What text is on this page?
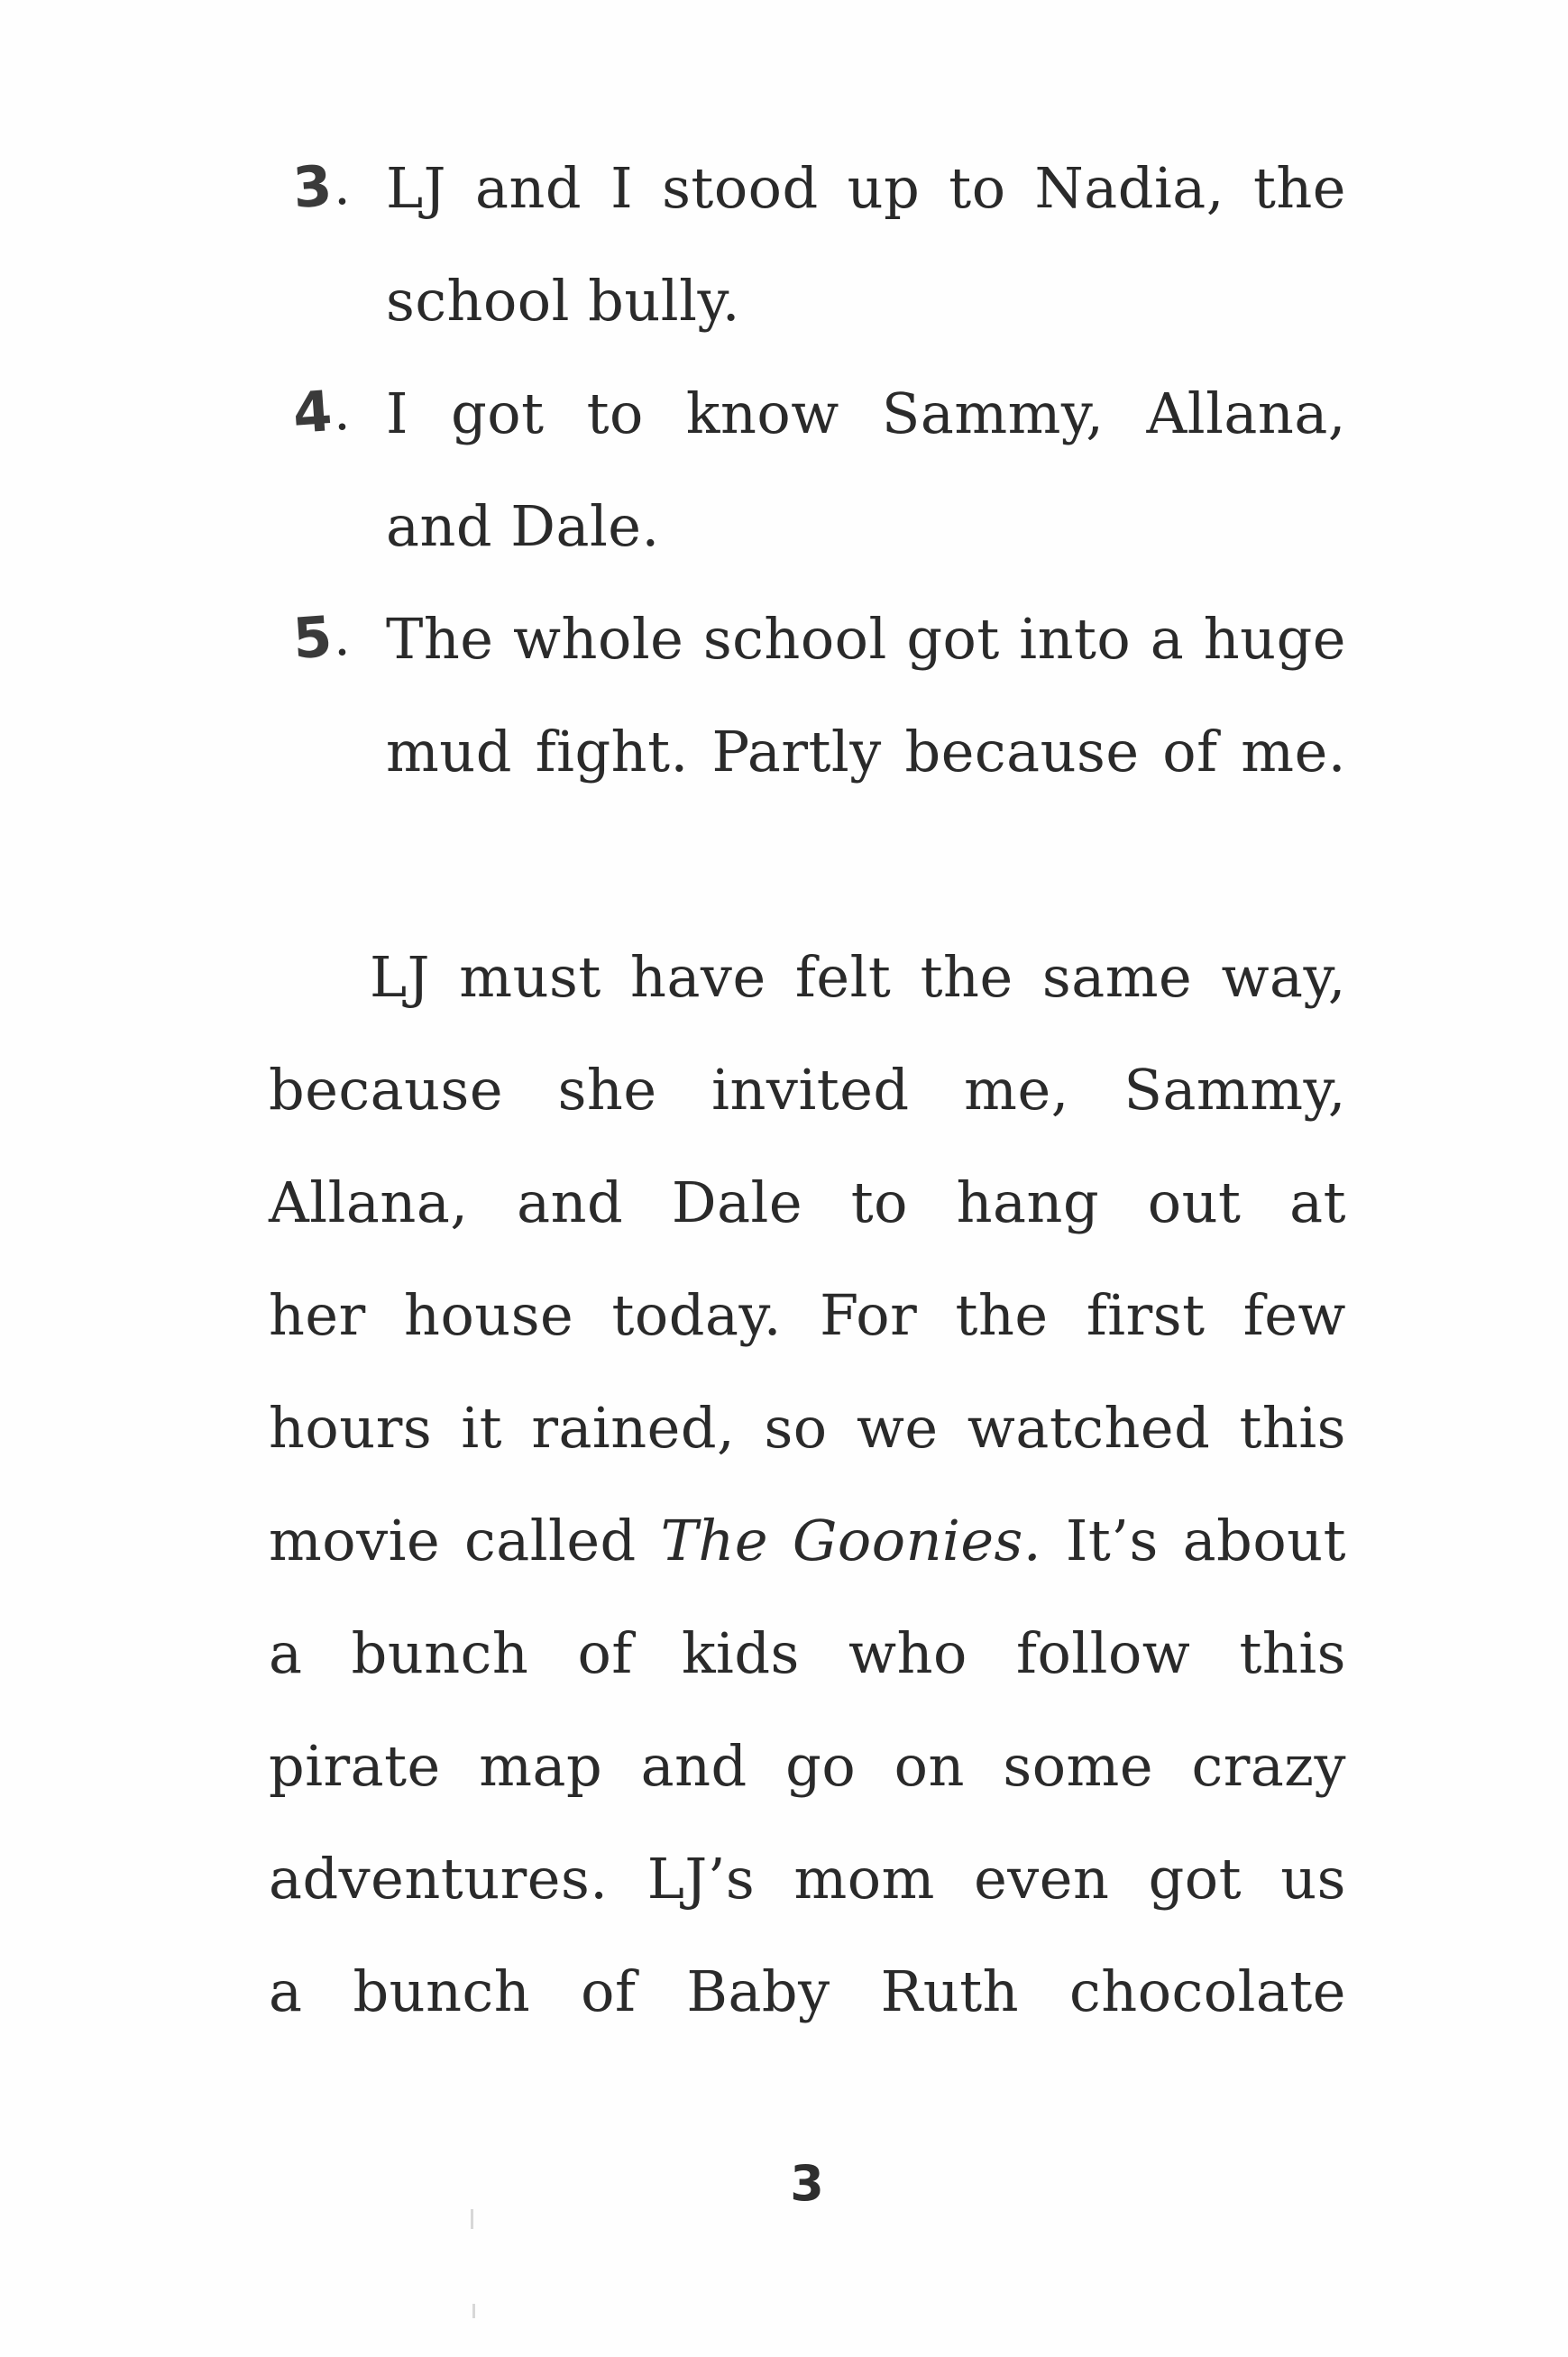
3. LJ and I stood up to Nadia, the
school bully.
4. I got to know Sammy, Allana,
and Dale.
5. The whole school got into a huge
mud fight. Partly because of me.
LJ must have felt the same way,
because she invited me, Sammy,
Allana, and Dale to hang out at
her house today. For the first few
hours it rained, so we watched this
movie called The Goonies. It’s about
a bunch of kids who follow this
pirate map and go on some crazy
adventures. LJ’s mom even got us
a bunch of Baby Ruth chocolate
3
